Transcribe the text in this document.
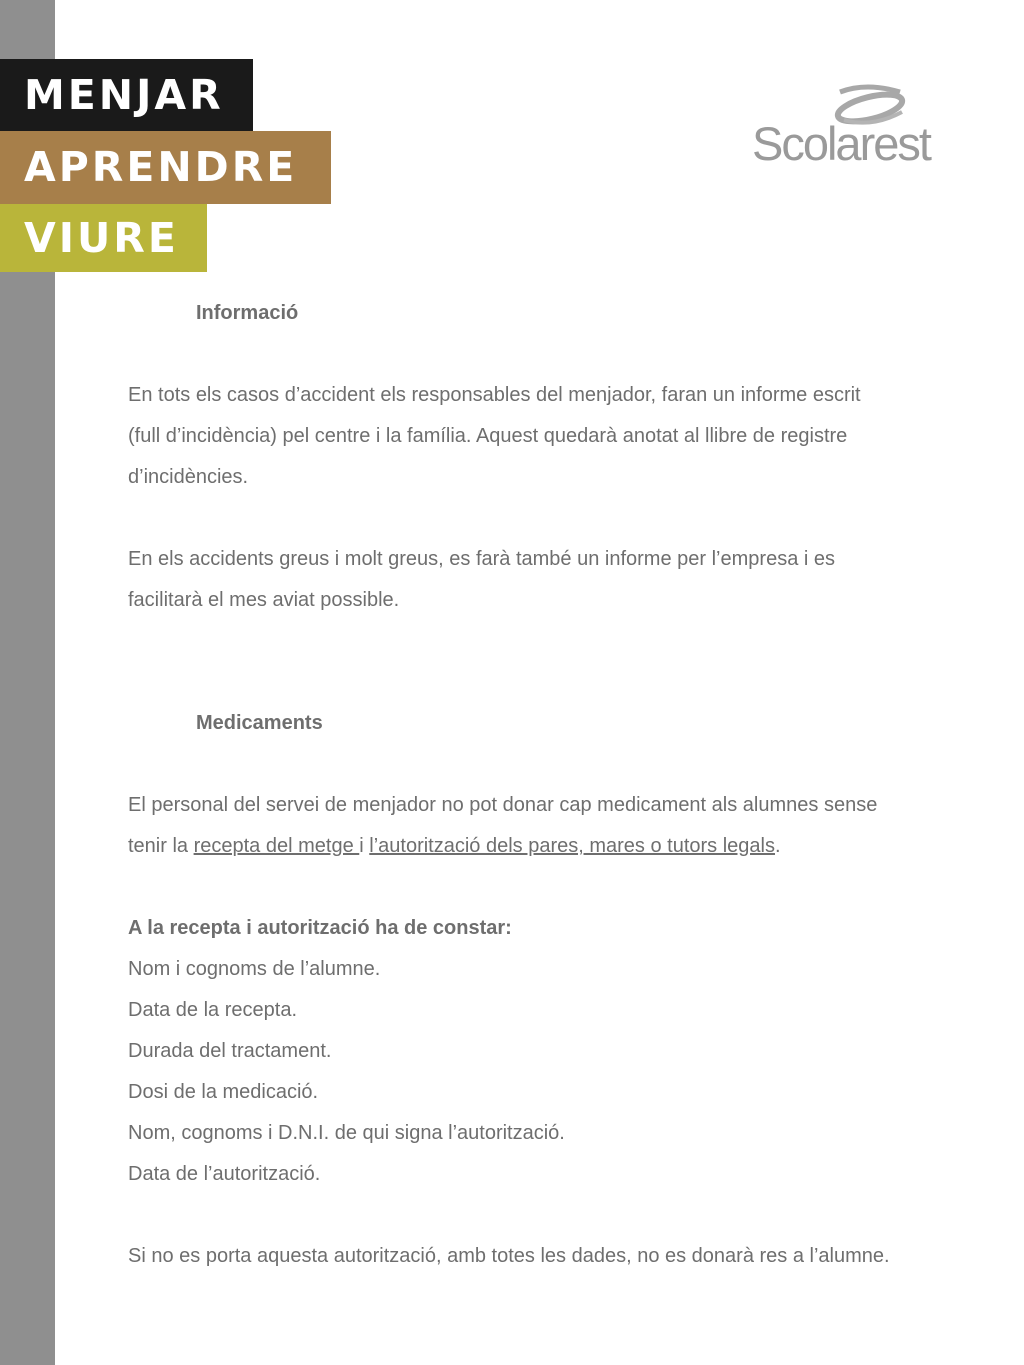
MENJAR
APRENDRE
VIURE
Scolarest
Informació
En tots els casos d’accident els responsables del menjador, faran un informe escrit
(full d’incidència) pel centre i la família. Aquest quedarà anotat al llibre de registre
d’incidències.
En els accidents greus i molt greus, es farà també un informe per l’empresa i es
facilitarà el mes aviat possible.
Medicaments
El personal del servei de menjador no pot donar cap medicament als alumnes sense
tenir la recepta del metge i l’autorització dels pares, mares o tutors legals.
A la recepta i autorització ha de constar:
Nom i cognoms de l’alumne.
Data de la recepta.
Durada del tractament.
Dosi de la medicació.
Nom, cognoms i D.N.I. de qui signa l’autorització.
Data de l’autorització.
Si no es porta aquesta autorització, amb totes les dades, no es donarà res a l’alumne.
